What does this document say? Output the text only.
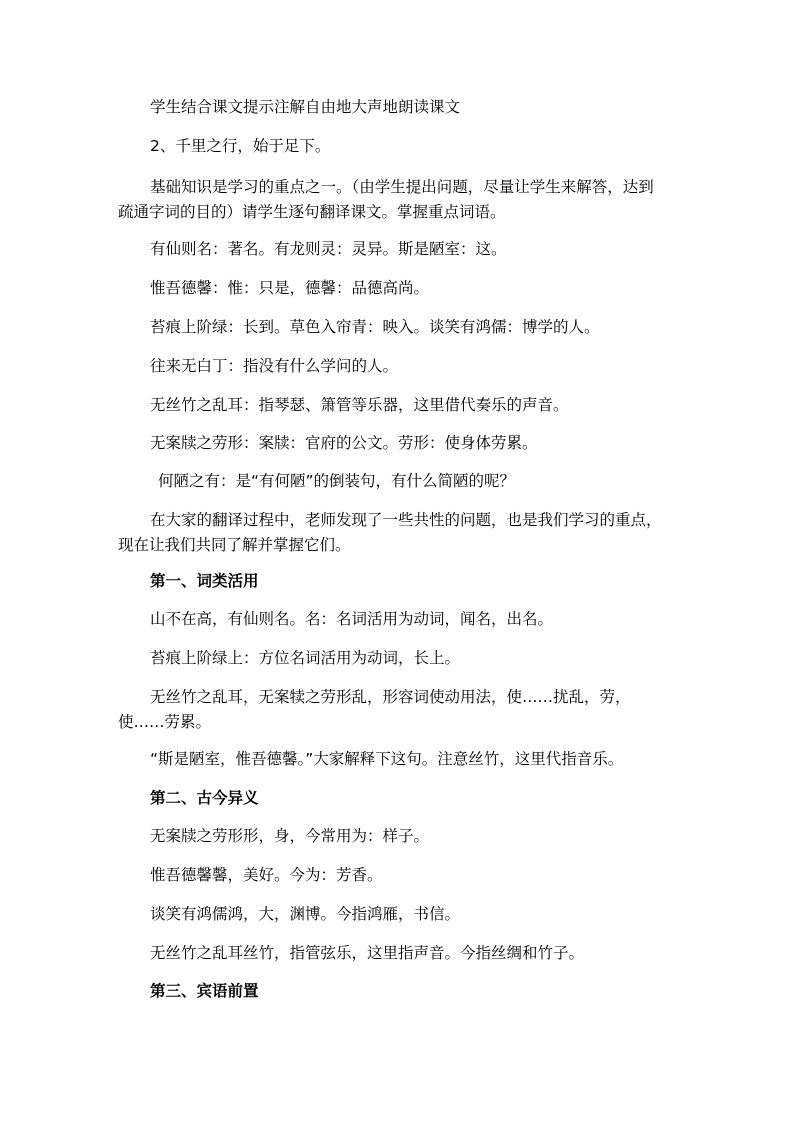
学生结合课文提示注解自由地大声地朗读课文

2、千里之行，始于足下。

基础知识是学习的重点之一。（由学生提出问题，尽量让学生来解答，达到
疏通字词的目的）请学生逐句翻译课文。掌握重点词语。

有仙则名：著名。有龙则灵：灵异。斯是陋室：这。

惟吾德馨：惟：只是，德馨：品德高尚。

苔痕上阶绿：长到。草色入帘青：映入。谈笑有鸿儒：博学的人。

往来无白丁：指没有什么学问的人。

无丝竹之乱耳：指琴瑟、箫管等乐器，这里借代奏乐的声音。

无案牍之劳形：案牍：官府的公文。劳形：使身体劳累。

何陋之有：是“有何陋”的倒装句，有什么简陋的呢？

在大家的翻译过程中，老师发现了一些共性的问题，也是我们学习的重点，
现在让我们共同了解并掌握它们。

第一、词类活用

山不在高，有仙则名。名：名词活用为动词，闻名，出名。

苔痕上阶绿上：方位名词活用为动词，长上。

无丝竹之乱耳，无案犊之劳形乱，形容词使动用法，使……扰乱，劳，
使……劳累。

“斯是陋室，惟吾德馨。”大家解释下这句。注意丝竹，这里代指音乐。

第二、古今异义

无案牍之劳形形，身，今常用为：样子。

惟吾德馨馨，美好。今为：芳香。

谈笑有鸿儒鸿，大，渊博。今指鸿雁，书信。

无丝竹之乱耳丝竹，指管弦乐，这里指声音。今指丝绸和竹子。

第三、宾语前置
